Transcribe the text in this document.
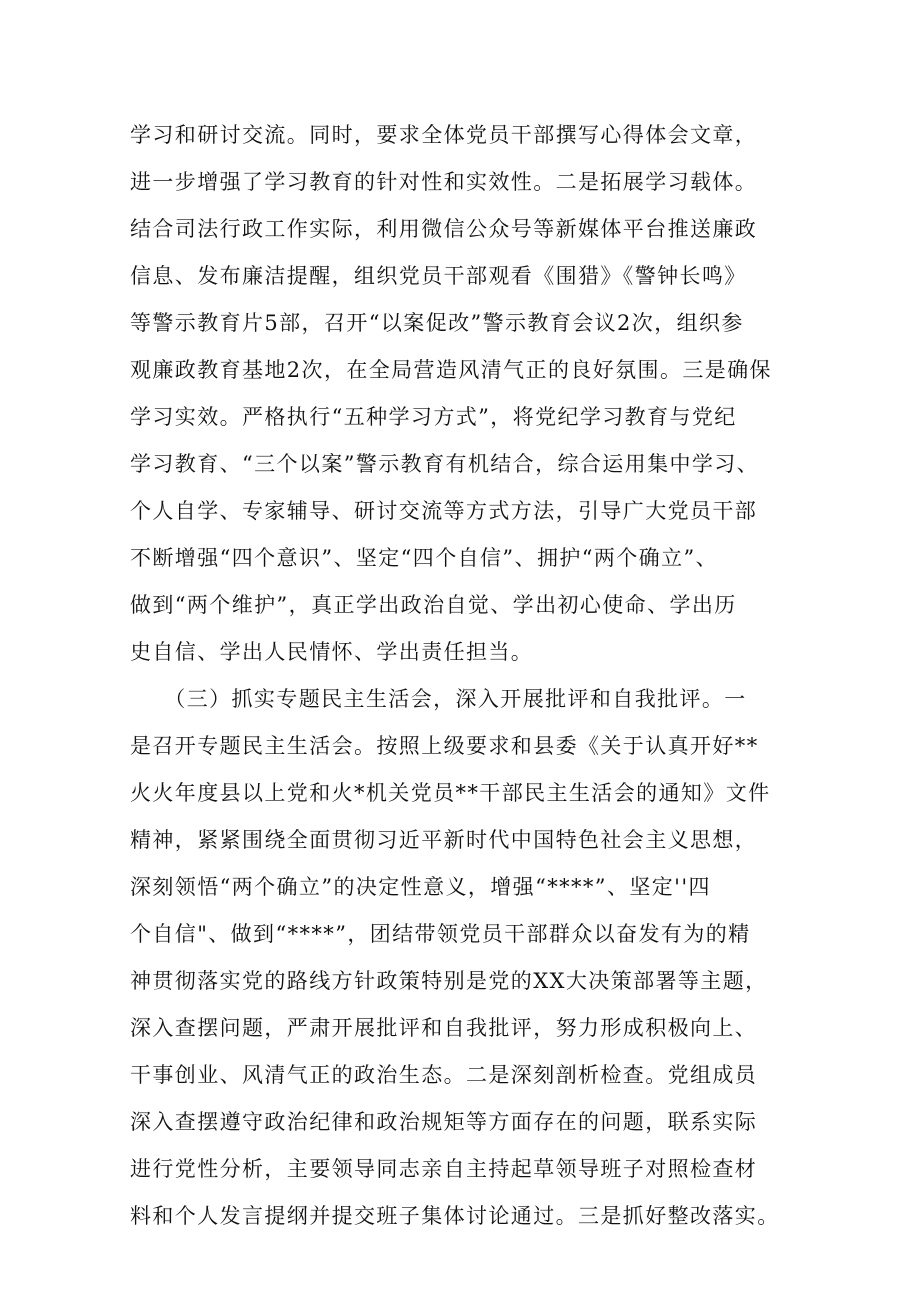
学习和研讨交流。同时，要求全体党员干部撰写心得体会文章，
进一步增强了学习教育的针对性和实效性。二是拓展学习载体。
结合司法行政工作实际，利用微信公众号等新媒体平台推送廉政
信息、发布廉洁提醒，组织党员干部观看《围猎》《警钟长鸣》
等警示教育片5部，召开“以案促改”警示教育会议2次，组织参
观廉政教育基地2次，在全局营造风清气正的良好氛围。三是确保
学习实效。严格执行“五种学习方式”，将党纪学习教育与党纪
学习教育、“三个以案”警示教育有机结合，综合运用集中学习、
个人自学、专家辅导、研讨交流等方式方法，引导广大党员干部
不断增强“四个意识”、坚定“四个自信”、拥护“两个确立”、
做到“两个维护”，真正学出政治自觉、学出初心使命、学出历
史自信、学出人民情怀、学出责任担当。
　　（三）抓实专题民主生活会，深入开展批评和自我批评。一
是召开专题民主生活会。按照上级要求和县委《关于认真开好**
火火年度县以上党和火*机关党员**干部民主生活会的通知》文件
精神，紧紧围绕全面贯彻习近平新时代中国特色社会主义思想，
深刻领悟“两个确立”的决定性意义，增强“****”、坚定''四
个自信"、做到“****”，团结带领党员干部群众以奋发有为的精
神贯彻落实党的路线方针政策特别是党的XX大决策部署等主题，
深入查摆问题，严肃开展批评和自我批评，努力形成积极向上、
干事创业、风清气正的政治生态。二是深刻剖析检查。党组成员
深入查摆遵守政治纪律和政治规矩等方面存在的问题，联系实际
进行党性分析，主要领导同志亲自主持起草领导班子对照检查材
料和个人发言提纲并提交班子集体讨论通过。三是抓好整改落实。
